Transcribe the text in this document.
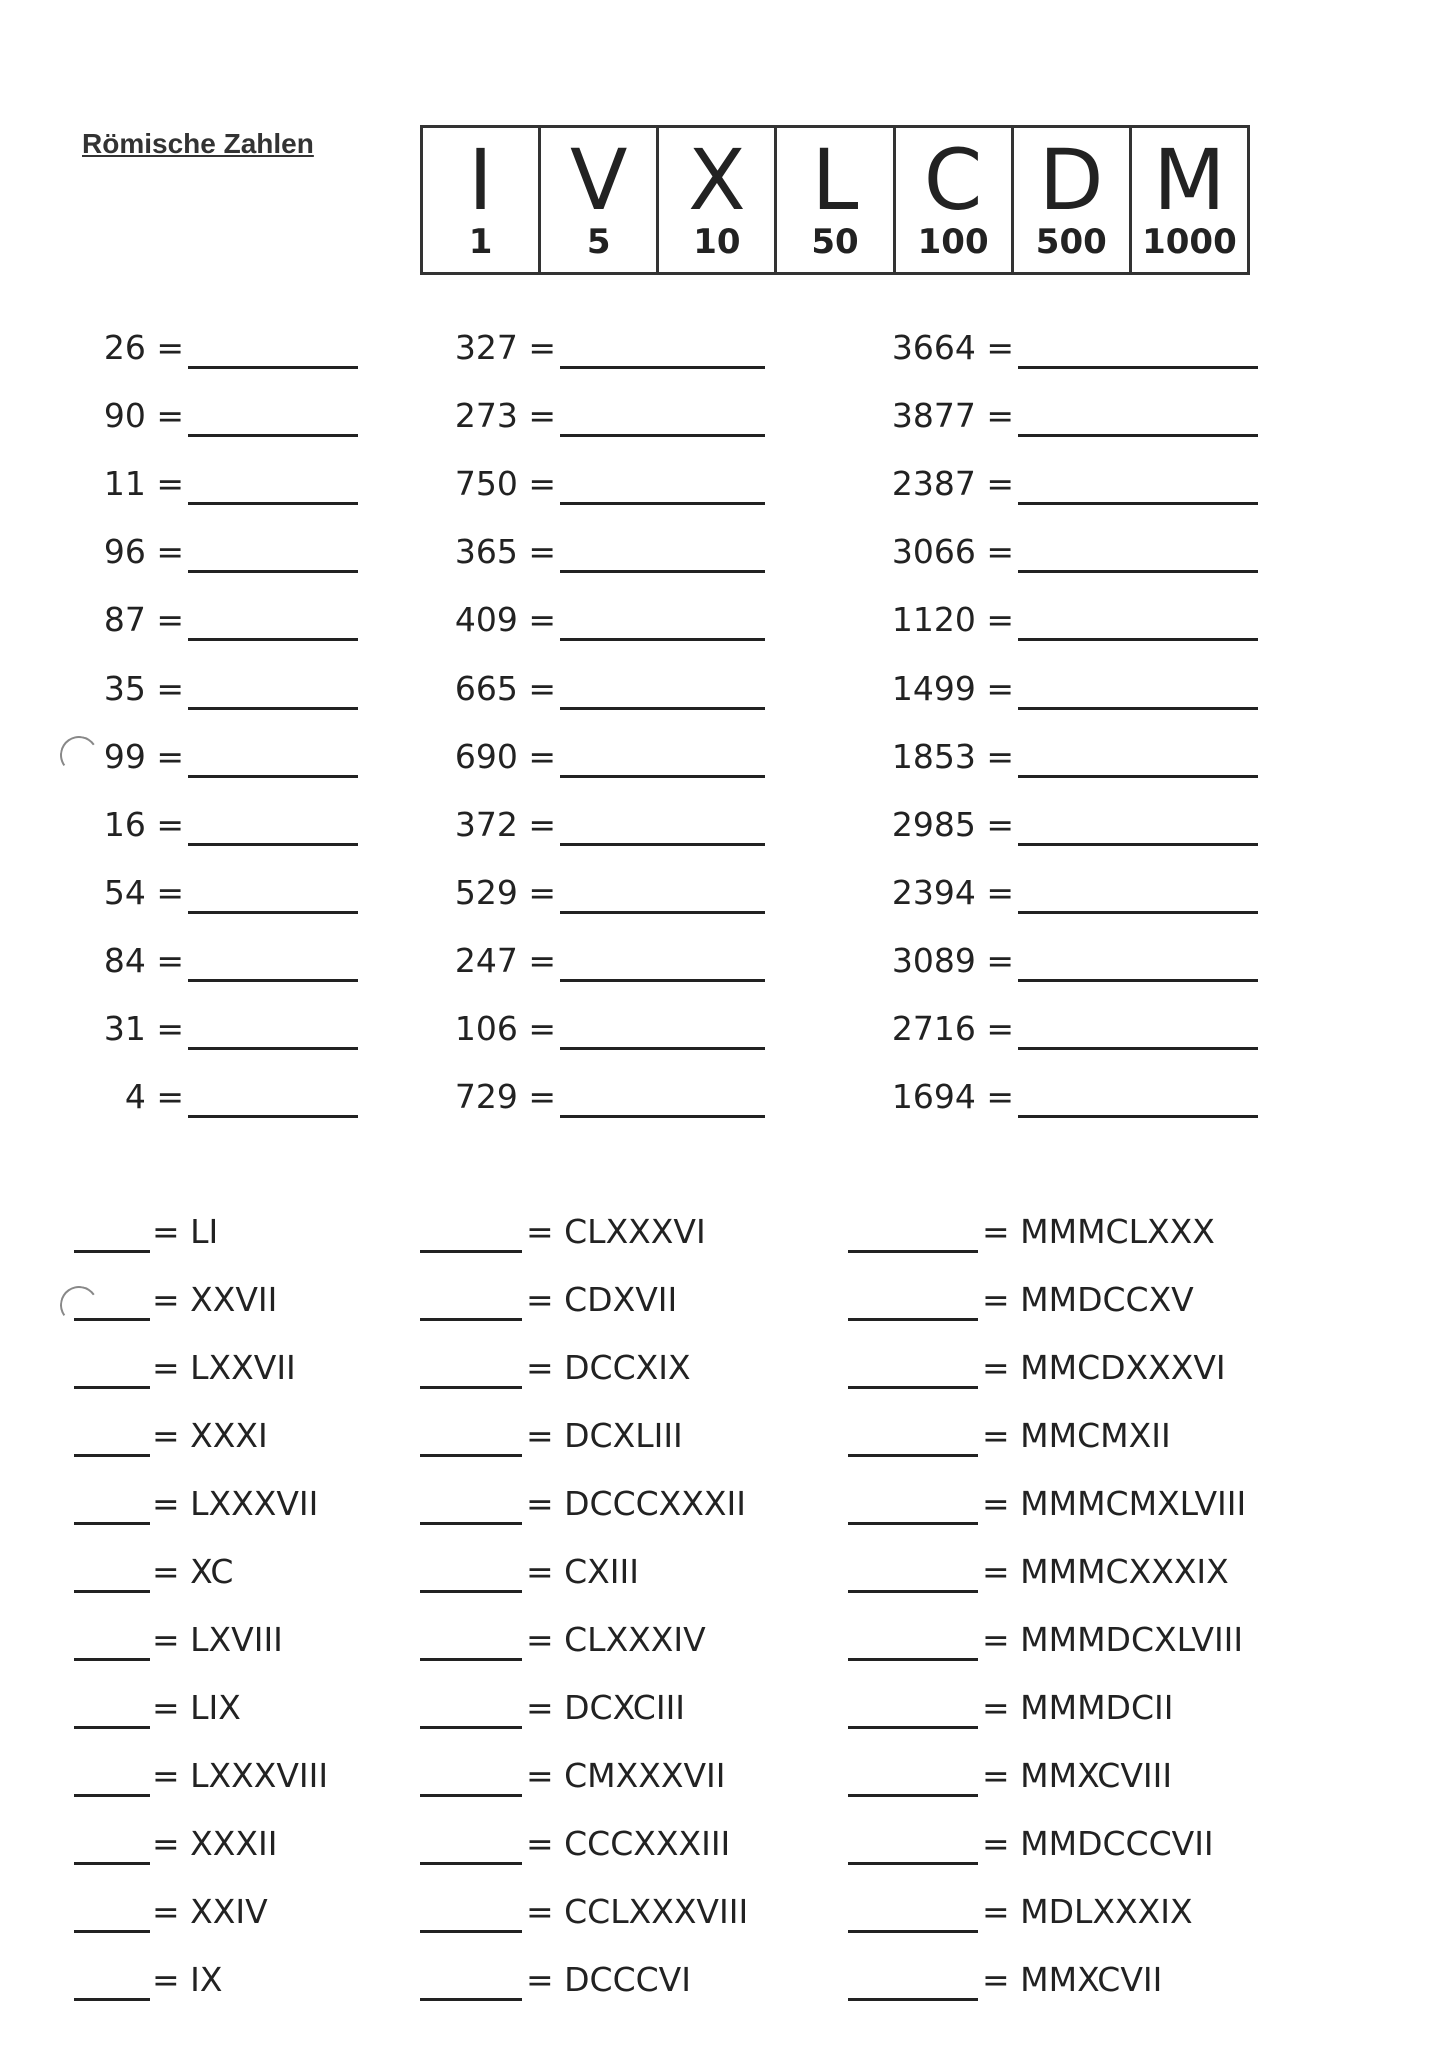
Römische Zahlen	I
1
V
5
X
10
L
50
C
100
D
500
M
1000
26 =
90 =
11 =
96 =
87 =
35 =
99 =
16 =
54 =
84 =
31 =
4 =
327 =
273 =
750 =
365 =
409 =
665 =
690 =
372 =
529 =
247 =
106 =
729 =
3664 =
3877 =
2387 =
3066 =
1120 =
1499 =
1853 =
2985 =
2394 =
3089 =
2716 =
1694 =
= LI
= XXVII
= LXXVII
= XXXI
= LXXXVII
= XC
= LXVIII
= LIX
= LXXXVIII
= XXXII
= XXIV
= IX
= CLXXXVI
= CDXVII
= DCCXIX
= DCXLIII
= DCCCXXXII
= CXIII
= CLXXXIV
= DCXCIII
= CMXXXVII
= CCCXXXIII
= CCLXXXVIII
= DCCCVI
= MMMCLXXX
= MMDCCXV
= MMCDXXXVI
= MMCMXII
= MMMCMXLVIII
= MMMCXXXIX
= MMMDCXLVIII
= MMMDCII
= MMXCVIII
= MMDCCCVII
= MDLXXXIX
= MMXCVII
